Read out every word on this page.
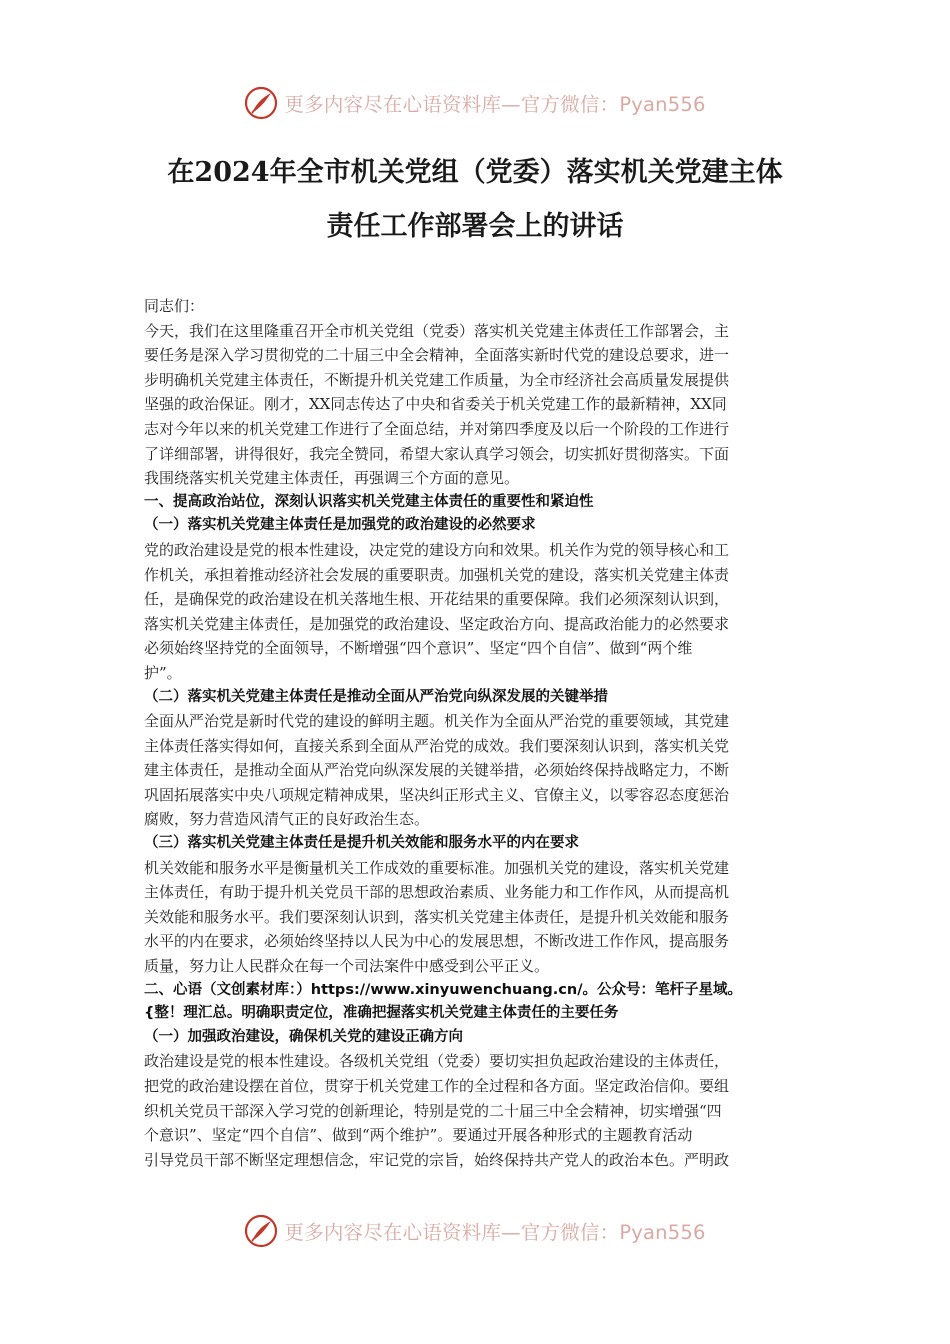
更多内容尽在心语资料库—官方微信：Pyan556
在2024年全市机关党组（党委）落实机关党建主体
责任工作部署会上的讲话
同志们：
今天，我们在这里隆重召开全市机关党组（党委）落实机关党建主体责任工作部署会，主
要任务是深入学习贯彻党的二十届三中全会精神，全面落实新时代党的建设总要求，进一
步明确机关党建主体责任，不断提升机关党建工作质量，为全市经济社会高质量发展提供
坚强的政治保证。刚才，XX同志传达了中央和省委关于机关党建工作的最新精神，XX同
志对今年以来的机关党建工作进行了全面总结，并对第四季度及以后一个阶段的工作进行
了详细部署，讲得很好，我完全赞同，希望大家认真学习领会，切实抓好贯彻落实。下面
我围绕落实机关党建主体责任，再强调三个方面的意见。
一、提高政治站位，深刻认识落实机关党建主体责任的重要性和紧迫性
（一）落实机关党建主体责任是加强党的政治建设的必然要求
党的政治建设是党的根本性建设，决定党的建设方向和效果。机关作为党的领导核心和工
作机关，承担着推动经济社会发展的重要职责。加强机关党的建设，落实机关党建主体责
任，是确保党的政治建设在机关落地生根、开花结果的重要保障。我们必须深刻认识到，
落实机关党建主体责任，是加强党的政治建设、坚定政治方向、提高政治能力的必然要求
必须始终坚持党的全面领导，不断增强“四个意识”、坚定“四个自信”、做到“两个维
护”。
（二）落实机关党建主体责任是推动全面从严治党向纵深发展的关键举措
全面从严治党是新时代党的建设的鲜明主题。机关作为全面从严治党的重要领域，其党建
主体责任落实得如何，直接关系到全面从严治党的成效。我们要深刻认识到，落实机关党
建主体责任，是推动全面从严治党向纵深发展的关键举措，必须始终保持战略定力，不断
巩固拓展落实中央八项规定精神成果，坚决纠正形式主义、官僚主义，以零容忍态度惩治
腐败，努力营造风清气正的良好政治生态。
（三）落实机关党建主体责任是提升机关效能和服务水平的内在要求
机关效能和服务水平是衡量机关工作成效的重要标准。加强机关党的建设，落实机关党建
主体责任，有助于提升机关党员干部的思想政治素质、业务能力和工作作风，从而提高机
关效能和服务水平。我们要深刻认识到，落实机关党建主体责任，是提升机关效能和服务
水平的内在要求，必须始终坚持以人民为中心的发展思想，不断改进工作作风，提高服务
质量，努力让人民群众在每一个司法案件中感受到公平正义。
二、心语（文创素材库：）https://www.xinyuwenchuang.cn/。公众号：笔杆子星域。
{整！理汇总。明确职责定位，准确把握落实机关党建主体责任的主要任务
（一）加强政治建设，确保机关党的建设正确方向
政治建设是党的根本性建设。各级机关党组（党委）要切实担负起政治建设的主体责任，
把党的政治建设摆在首位，贯穿于机关党建工作的全过程和各方面。坚定政治信仰。要组
织机关党员干部深入学习党的创新理论，特别是党的二十届三中全会精神，切实增强“四
个意识”、坚定“四个自信”、做到“两个维护”。要通过开展各种形式的主题教育活动
引导党员干部不断坚定理想信念，牢记党的宗旨，始终保持共产党人的政治本色。严明政
更多内容尽在心语资料库—官方微信：Pyan556
